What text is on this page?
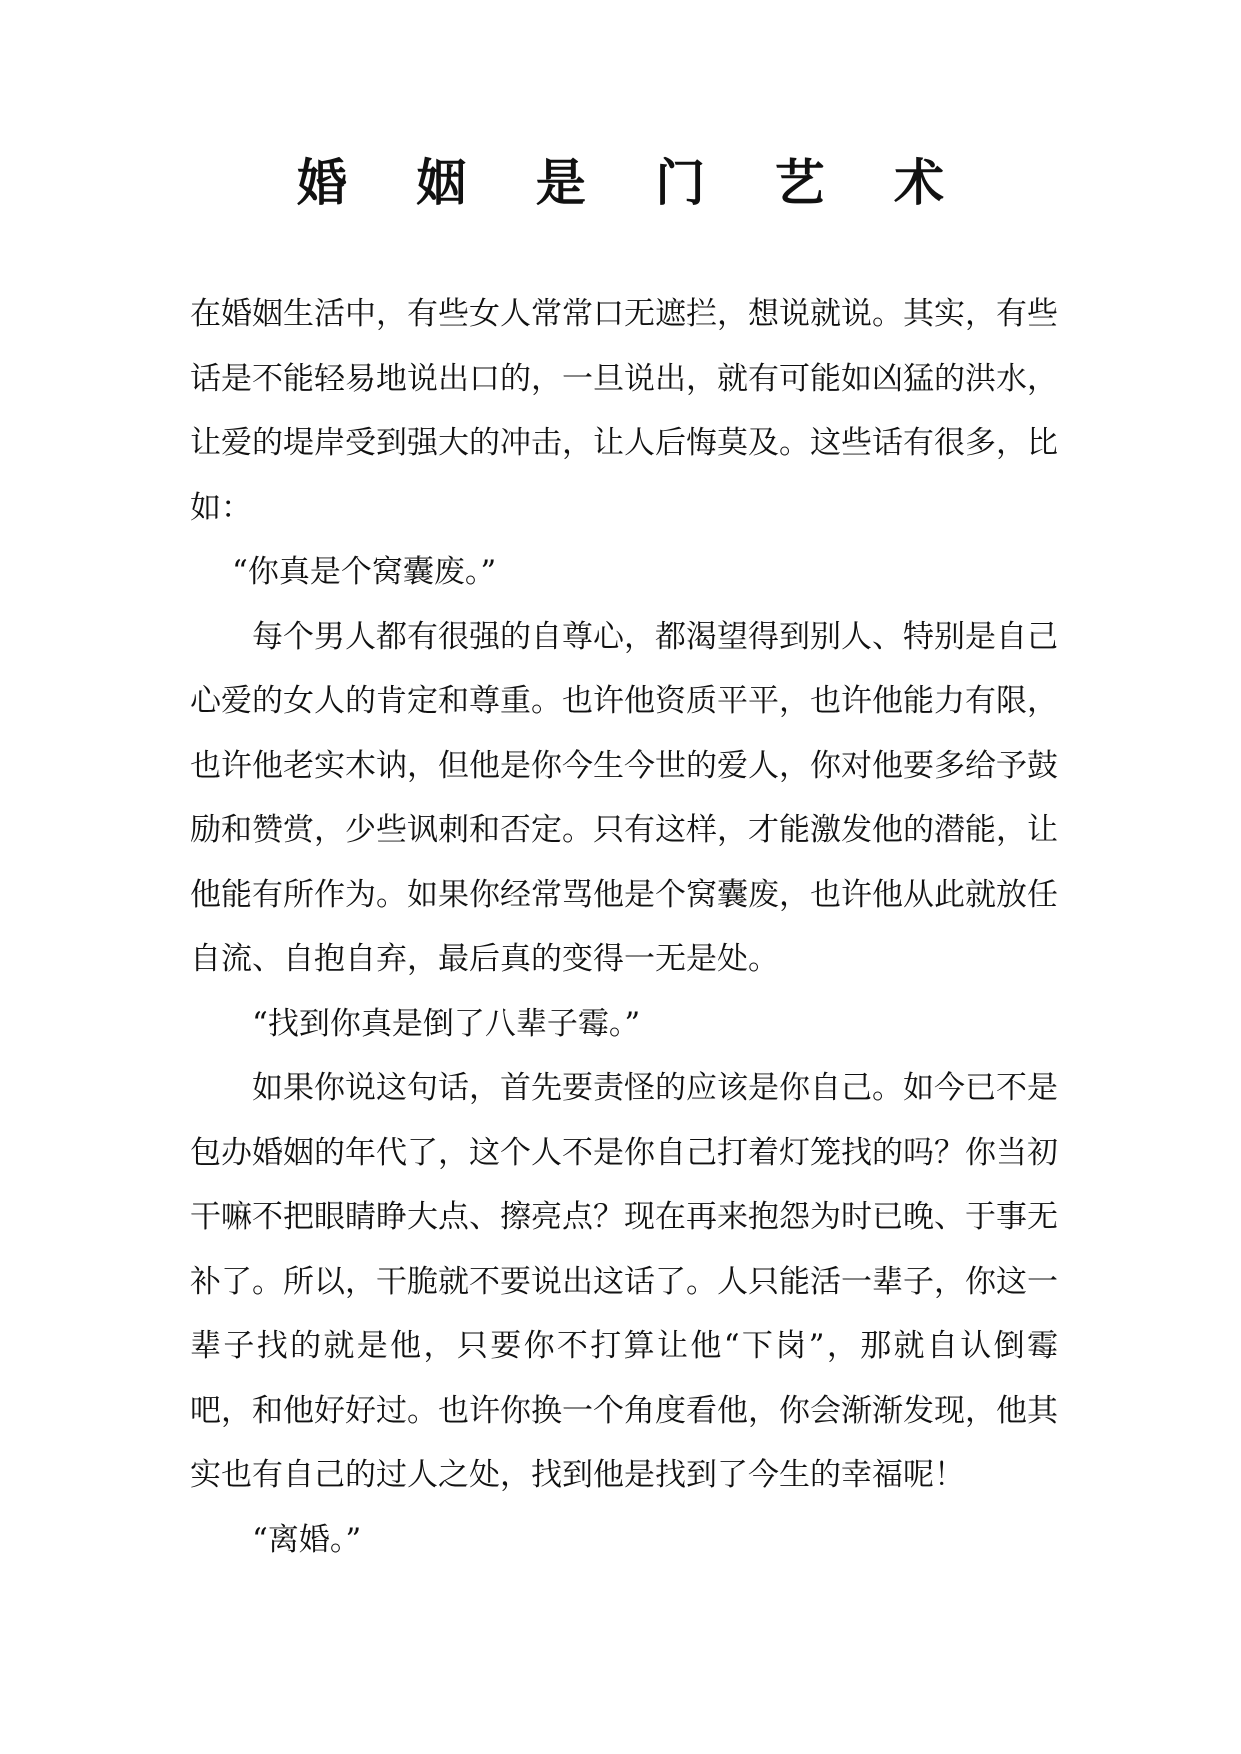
婚 姻 是 门 艺 术

在婚姻生活中，有些女人常常口无遮拦，想说就说。其实，有些话是不能轻易地说出口的，一旦说出，就有可能如凶猛的洪水，让爱的堤岸受到强大的冲击，让人后悔莫及。这些话有很多，比如：

“你真是个窝囊废。”

每个男人都有很强的自尊心，都渴望得到别人、特别是自己心爱的女人的肯定和尊重。也许他资质平平，也许他能力有限，也许他老实木讷，但他是你今生今世的爱人，你对他要多给予鼓励和赞赏，少些讽刺和否定。只有这样，才能激发他的潜能，让他能有所作为。如果你经常骂他是个窝囊废，也许他从此就放任自流、自抱自弃，最后真的变得一无是处。

“找到你真是倒了八辈子霉。”

如果你说这句话，首先要责怪的应该是你自己。如今已不是包办婚姻的年代了，这个人不是你自己打着灯笼找的吗？你当初干嘛不把眼睛睁大点、擦亮点？现在再来抱怨为时已晚、于事无补了。所以，干脆就不要说出这话了。人只能活一辈子，你这一辈子找的就是他，只要你不打算让他“下岗”，那就自认倒霉吧，和他好好过。也许你换一个角度看他，你会渐渐发现，他其实也有自己的过人之处，找到他是找到了今生的幸福呢！

“离婚。”
